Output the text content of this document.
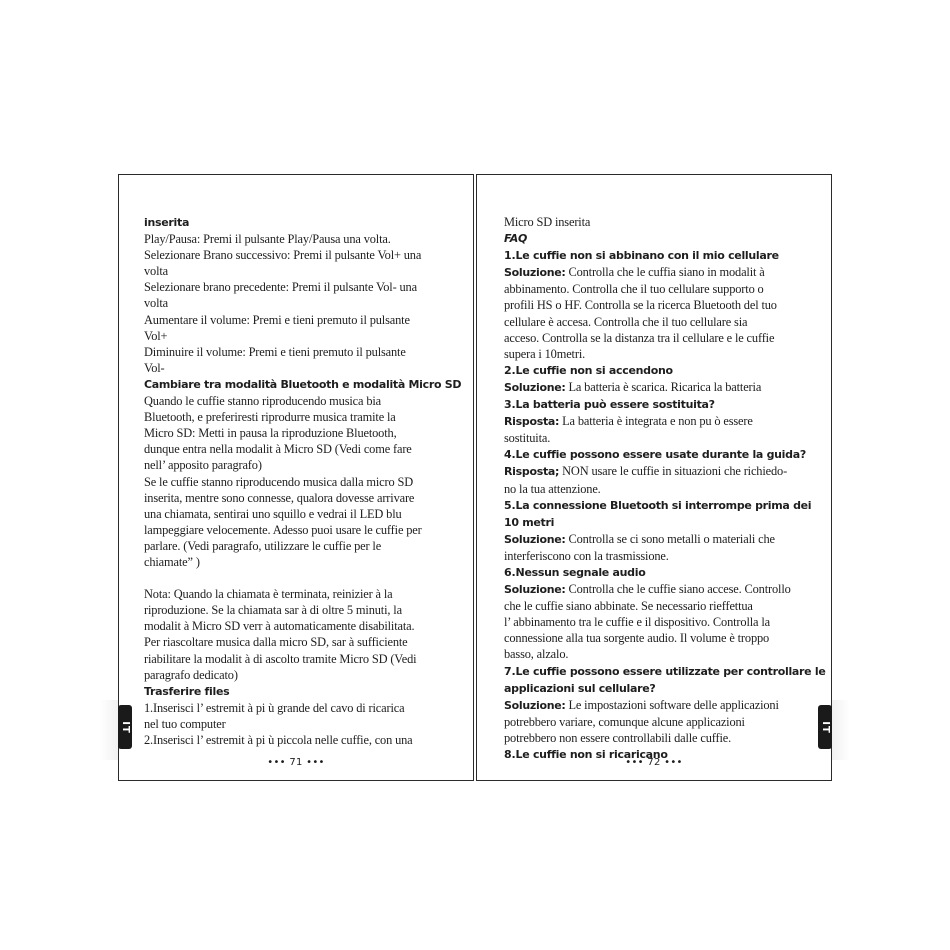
inserita
Play/Pausa: Premi il pulsante Play/Pausa una volta.
Selezionare Brano successivo: Premi il pulsante Vol+ una
volta
Selezionare brano precedente: Premi il pulsante Vol- una
volta
Aumentare il volume: Premi e tieni premuto il pulsante
Vol+
Diminuire il volume: Premi e tieni premuto il pulsante
Vol-
Cambiare tra modalità Bluetooth e modalità Micro SD
Quando le cuffie stanno riproducendo musica bia
Bluetooth, e preferiresti riprodurre musica tramite la
Micro SD: Metti in pausa la riproduzione Bluetooth,
dunque entra nella modalit à Micro SD (Vedi come fare
nell’ apposito paragrafo)
Se le cuffie stanno riproducendo musica dalla micro SD
inserita, mentre sono connesse, qualora dovesse arrivare
una chiamata, sentirai uno squillo e vedrai il LED blu
lampeggiare velocemente. Adesso puoi usare le cuffie per
parlare. (Vedi paragrafo, utilizzare le cuffie per le
chiamate” )
Nota: Quando la chiamata è terminata, reinizier à la
riproduzione. Se la chiamata sar à di oltre 5 minuti, la
modalit à Micro SD verr à automaticamente disabilitata.
Per riascoltare musica dalla micro SD, sar à sufficiente
riabilitare la modalit à di ascolto tramite Micro SD (Vedi
paragrafo dedicato)
Trasferire files
1.Inserisci l’ estremit à pi ù grande del cavo di ricarica
nel tuo computer
2.Inserisci l’ estremit à pi ù piccola nelle cuffie, con una
••• 71 •••
Micro SD inserita
FAQ
1.Le cuffie non si abbinano con il mio cellulare
Soluzione: Controlla che le cuffia siano in modalit à
abbinamento. Controlla che il tuo cellulare supporto o
profili HS o HF. Controlla se la ricerca Bluetooth del tuo
cellulare è accesa. Controlla che il tuo cellulare sia
acceso. Controlla se la distanza tra il cellulare e le cuffie
supera i 10metri.
2.Le cuffie non si accendono
Soluzione: La batteria è scarica. Ricarica la batteria
3.La batteria può essere sostituita?
Risposta: La batteria è integrata e non pu ò essere
sostituita.
4.Le cuffie possono essere usate durante la guida?
Risposta; NON usare le cuffie in situazioni che richiedo-
no la tua attenzione.
5.La connessione Bluetooth si interrompe prima dei
10 metri
Soluzione: Controlla se ci sono metalli o materiali che
interferiscono con la trasmissione.
6.Nessun segnale audio
Soluzione: Controlla che le cuffie siano accese. Controllo
che le cuffie siano abbinate. Se necessario rieffettua
l’ abbinamento tra le cuffie e il dispositivo. Controlla la
connessione alla tua sorgente audio. Il volume è troppo
basso, alzalo.
7.Le cuffie possono essere utilizzate per controllare le
applicazioni sul cellulare?
Soluzione: Le impostazioni software delle applicazioni
potrebbero variare, comunque alcune applicazioni
potrebbero non essere controllabili dalle cuffie.
8.Le cuffie non si ricaricano
••• 72 •••
IT	IT
